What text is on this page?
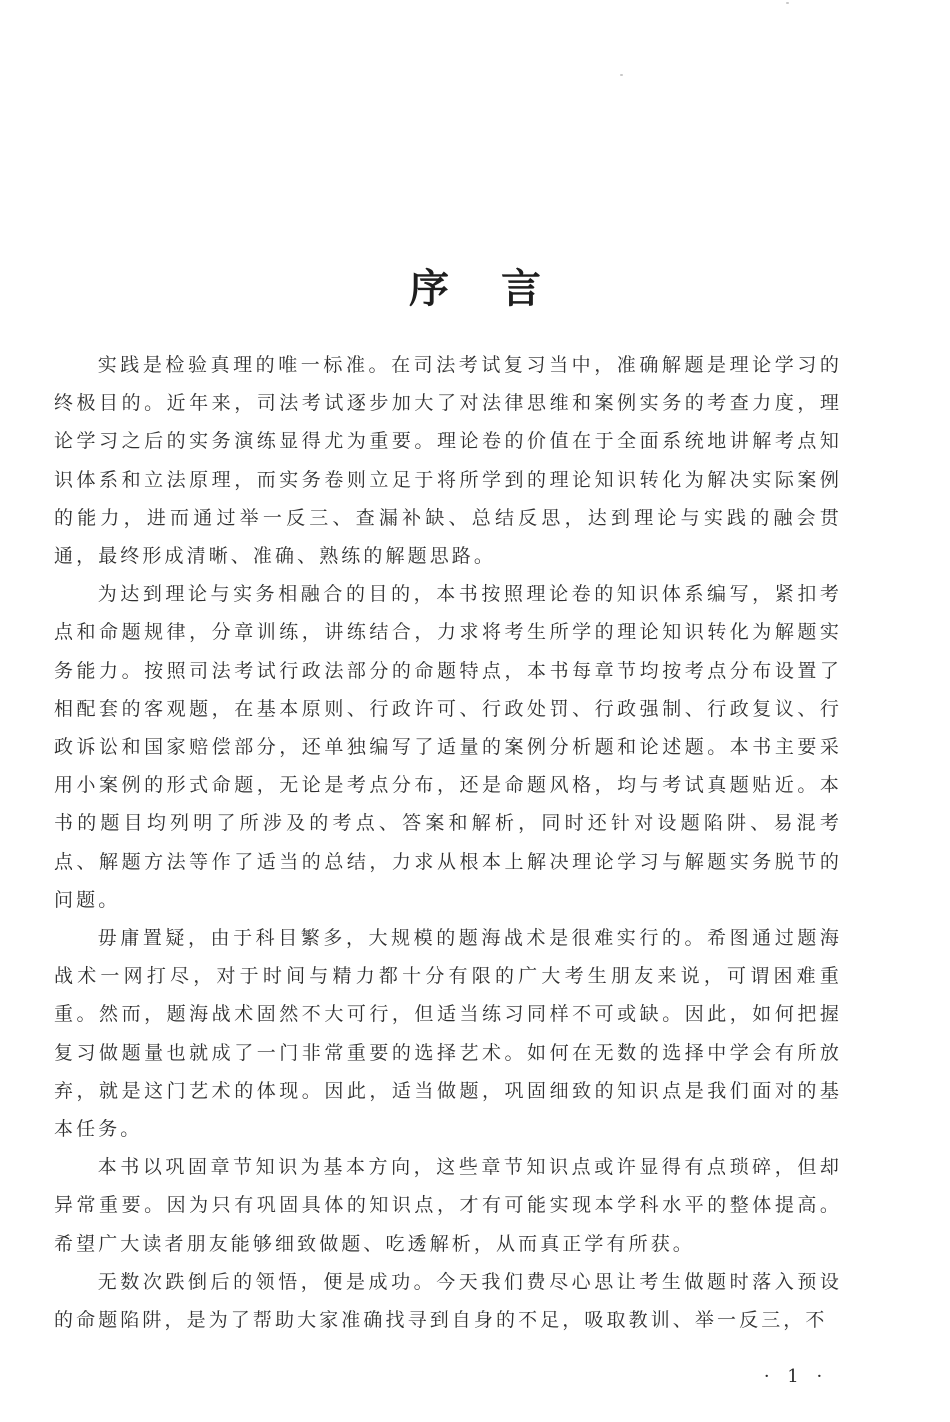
序言

实践是检验真理的唯一标准。在司法考试复习当中，准确解题是理论学习的终极目的。近年来，司法考试逐步加大了对法律思维和案例实务的考查力度，理论学习之后的实务演练显得尤为重要。理论卷的价值在于全面系统地讲解考点知识体系和立法原理，而实务卷则立足于将所学到的理论知识转化为解决实际案例的能力，进而通过举一反三、查漏补缺、总结反思，达到理论与实践的融会贯通，最终形成清晰、准确、熟练的解题思路。

为达到理论与实务相融合的目的，本书按照理论卷的知识体系编写，紧扣考点和命题规律，分章训练，讲练结合，力求将考生所学的理论知识转化为解题实务能力。按照司法考试行政法部分的命题特点，本书每章节均按考点分布设置了相配套的客观题，在基本原则、行政许可、行政处罚、行政强制、行政复议、行政诉讼和国家赔偿部分，还单独编写了适量的案例分析题和论述题。本书主要采用小案例的形式命题，无论是考点分布，还是命题风格，均与考试真题贴近。本书的题目均列明了所涉及的考点、答案和解析，同时还针对设题陷阱、易混考点、解题方法等作了适当的总结，力求从根本上解决理论学习与解题实务脱节的问题。

毋庸置疑，由于科目繁多，大规模的题海战术是很难实行的。希图通过题海战术一网打尽，对于时间与精力都十分有限的广大考生朋友来说，可谓困难重重。然而，题海战术固然不大可行，但适当练习同样不可或缺。因此，如何把握复习做题量也就成了一门非常重要的选择艺术。如何在无数的选择中学会有所放弃，就是这门艺术的体现。因此，适当做题，巩固细致的知识点是我们面对的基本任务。

本书以巩固章节知识为基本方向，这些章节知识点或许显得有点琐碎，但却异常重要。因为只有巩固具体的知识点，才有可能实现本学科水平的整体提高。希望广大读者朋友能够细致做题、吃透解析，从而真正学有所获。

无数次跌倒后的领悟，便是成功。今天我们费尽心思让考生做题时落入预设的命题陷阱，是为了帮助大家准确找寻到自身的不足，吸取教训、举一反三，不

· 1 ·
